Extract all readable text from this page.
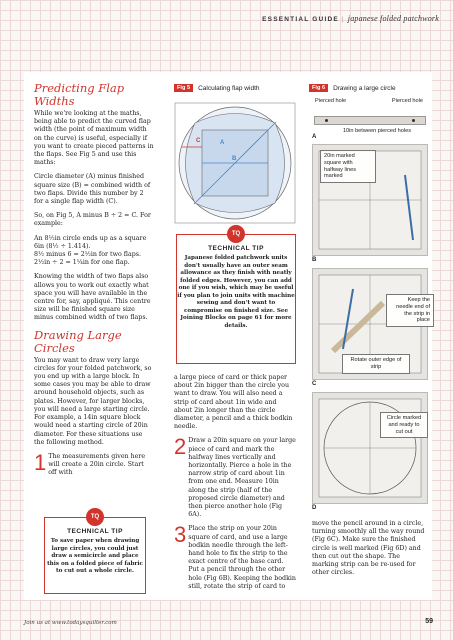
ESSENTIAL GUIDE | japanese folded patchwork
Predicting Flap Widths

While we're looking at the maths, being able to predict the curved flap width (the point of maximum width on the curve) is useful, especially if you want to create pieced patterns in the flaps. See Fig 5 and use this maths:

Circle diameter (A) minus finished square size (B) = combined width of two flaps. Divide this number by 2 for a single flap width (C).

So, on Fig 5, A minus B ÷ 2 = C. For example:

An 8½in circle ends up as a square 6in (8½ ÷ 1.414).
8½ minus 6 = 2½in for two flaps.

2½in ÷ 2 = 1¼in for one flap.

Knowing the width of two flaps also allows you to work out exactly what space you will have available in the centre for, say, appliqué. This centre size will be finished square size minus combined width of two flaps.

Drawing Large Circles

You may want to draw very large circles for your folded patchwork, so you end up with a large block. In some cases you may be able to draw around household objects, such as plates. However, for larger blocks, you will need a large starting circle. For example, a 14in square block would need a starting circle of 20in diameter. For these situations use the following method.

1 The measurements given here will create a 20in circle. Start off with
TQ
TECHNICAL TIP
To save paper when drawing large circles, you could just draw a semicircle and place this on a folded piece of fabric to cut out a whole circle.
Fig 5	Calculating flap width
A
B
C
TQ
TECHNICAL TIP
Japanese folded patchwork units don't usually have an outer seam allowance as they finish with neatly folded edges. However, you can add one if you wish, which may be useful if you plan to join units with machine sewing and don't want to compromise on finished size. See Joining Blocks on page 61 for more details.

a large piece of card or thick paper about 2in bigger than the circle you want to draw. You will also need a strip of card about 1in wide and about 2in longer than the circle diameter, a pencil and a thick bodkin needle.

2 Draw a 20in square on your large piece of card and mark the halfway lines vertically and horizontally. Pierce a hole in the narrow strip of card about 1in from one end. Measure 10in along the strip (half of the proposed circle diameter) and then pierce another hole (Fig 6A).
3 Place the strip on your 20in square of card, and use a large bodkin needle through the left-hand hole to fix the strip to the exact centre of the base card. Put a pencil through the other hole (Fig 6B). Keeping the bodkin still, rotate the strip of card to
Fig 6	Drawing a large circle
Pierced hole	Pierced hole
10in between pierced holes
A
20in marked square with halfway lines marked
B
Keep the needle end of the strip in place
Rotate outer edge of strip
C
Circle marked and ready to cut out
D

move the pencil around in a circle, turning smoothly all the way round (Fig 6C). Make sure the finished circle is well marked (Fig 6D) and then cut out the shape. The marking strip can be re-used for other circles.

Join us at www.todaysquilter.com	59
